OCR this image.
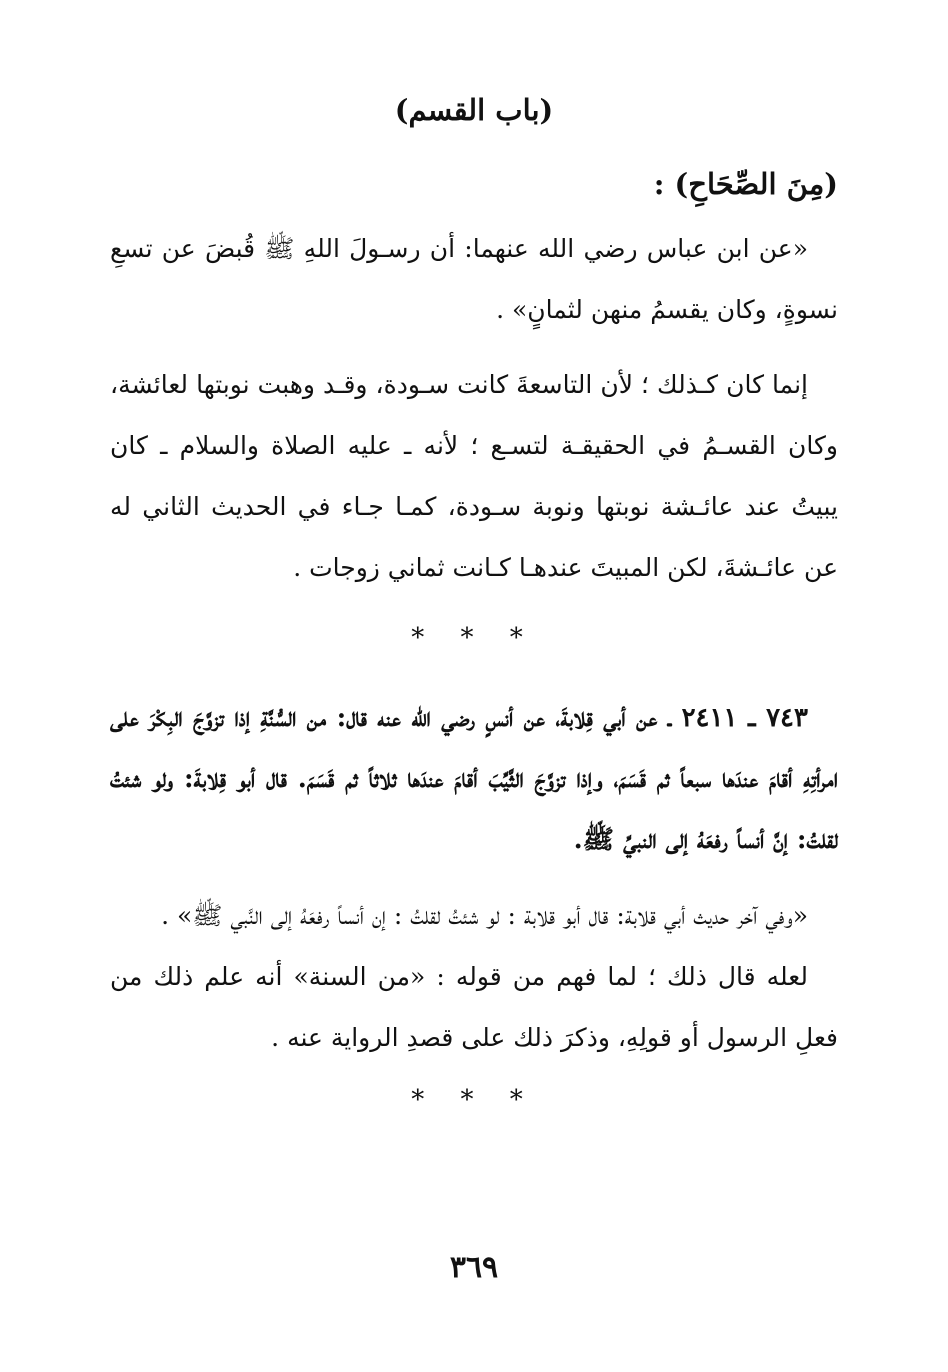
(باب القسم)
(مِنَ الصِّحَاحِ) :

«عن ابن عباس رضي الله عنهما: أن رسـولَ اللهِ ﷺ قُبضَ عن تسعِ نسوةٍ، وكان يقسمُ منهن لثمانٍ» .

إنما كان كـذلك ؛ لأن التاسعةَ كانت سـودة، وقـد وهبت نوبتها لعائشة، وكان القسـمُ في الحقيقـة لتسـع ؛ لأنه ـ عليه الصلاة والسلام ـ كان يبيتُ عند عائـشة نوبتها ونوبة سـودة، كمـا جـاء في الحديث الثاني له عن عائـشةَ، لكن المبيتَ عندهـا كـانت ثماني زوجات .

* * *

٧٤٣ ـ ٢٤١١ ـ عن أبي قِلابةَ، عن أنسٍ رضي الله عنه قال: من السُّنَّةِ إذا تزوَّجَ البِكْرَ على امرأتِهِ أقامَ عندَها سبعاً ثم قَسَمَ، وإذا تزوَّجَ الثَّيِّبَ أقامَ عندَها ثلاثاً ثم قَسَمَ. قال أبو قِلابةَ: ولو شئتُ لقلتُ: إنَّ أنساً رفعَهُ إلى النبيِّ ﷺ.

«وفي آخر حديث أبي قلابة: قال أبو قلابة : لو شئتُ لقلتُ : إن أنساً رفعَهُ إلى النَّبي ﷺ» .

لعله قال ذلك ؛ لما فهم من قوله : «من السنة» أنه علم ذلك من فعلِ الرسول أو قولِهِ، وذكرَ ذلك على قصدِ الرواية عنه .

* * *
٣٦٩
